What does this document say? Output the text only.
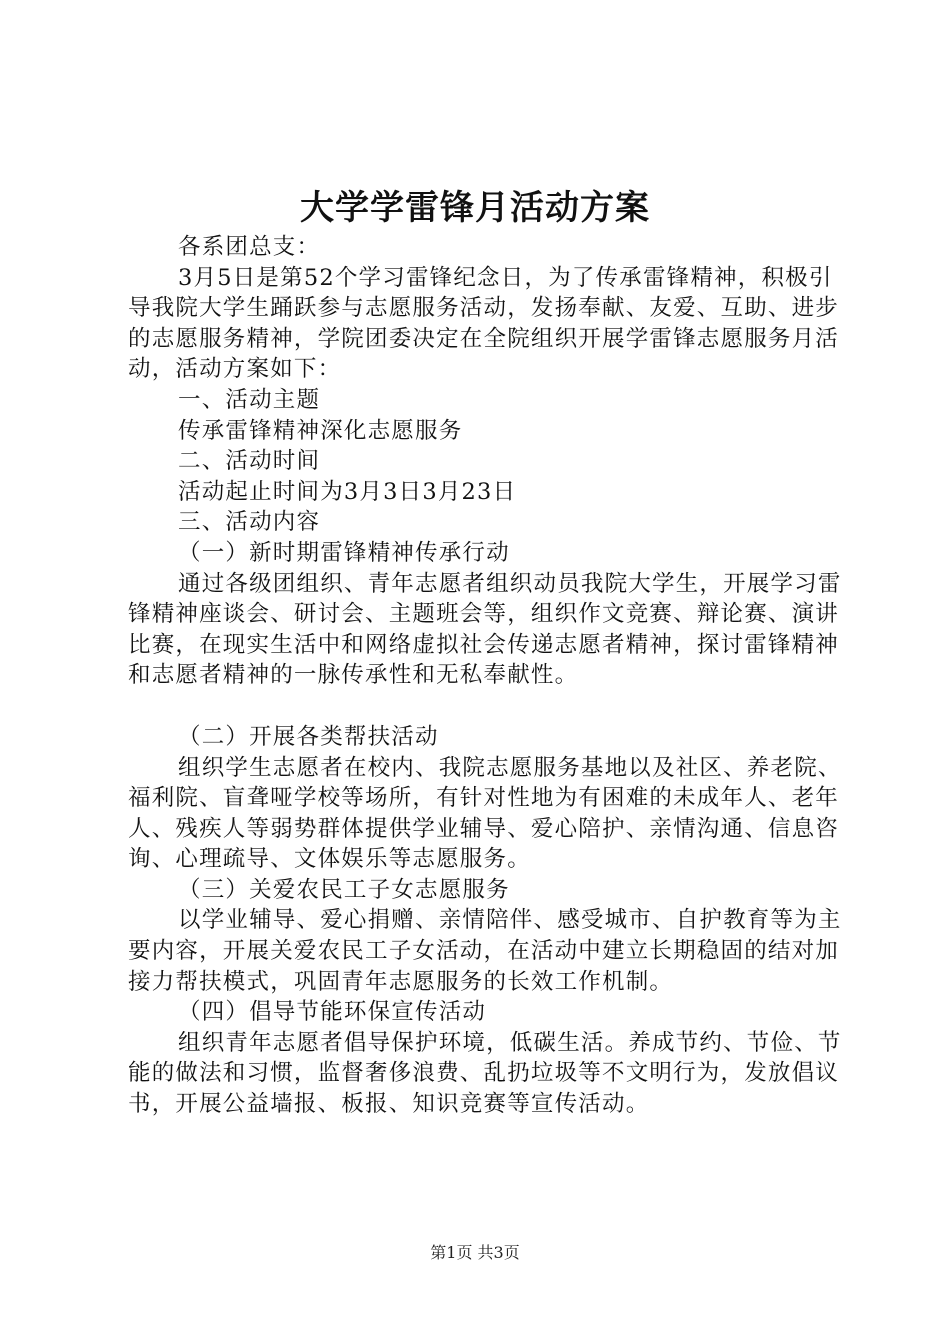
大学学雷锋月活动方案

各系团总支：

3月5日是第52个学习雷锋纪念日，为了传承雷锋精神，积极引导我院大学生踊跃参与志愿服务活动，发扬奉献、友爱、互助、进步的志愿服务精神，学院团委决定在全院组织开展学雷锋志愿服务月活动，活动方案如下：

一、活动主题

传承雷锋精神深化志愿服务

二、活动时间

活动起止时间为3月3日3月23日

三、活动内容

（一）新时期雷锋精神传承行动

通过各级团组织、青年志愿者组织动员我院大学生，开展学习雷锋精神座谈会、研讨会、主题班会等，组织作文竞赛、辩论赛、演讲比赛，在现实生活中和网络虚拟社会传递志愿者精神，探讨雷锋精神和志愿者精神的一脉传承性和无私奉献性。

（二）开展各类帮扶活动

组织学生志愿者在校内、我院志愿服务基地以及社区、养老院、福利院、盲聋哑学校等场所，有针对性地为有困难的未成年人、老年人、残疾人等弱势群体提供学业辅导、爱心陪护、亲情沟通、信息咨询、心理疏导、文体娱乐等志愿服务。

（三）关爱农民工子女志愿服务

以学业辅导、爱心捐赠、亲情陪伴、感受城市、自护教育等为主要内容，开展关爱农民工子女活动，在活动中建立长期稳固的结对加接力帮扶模式，巩固青年志愿服务的长效工作机制。

（四）倡导节能环保宣传活动

组织青年志愿者倡导保护环境，低碳生活。养成节约、节俭、节能的做法和习惯，监督奢侈浪费、乱扔垃圾等不文明行为，发放倡议书，开展公益墙报、板报、知识竞赛等宣传活动。

第1页 共3页
